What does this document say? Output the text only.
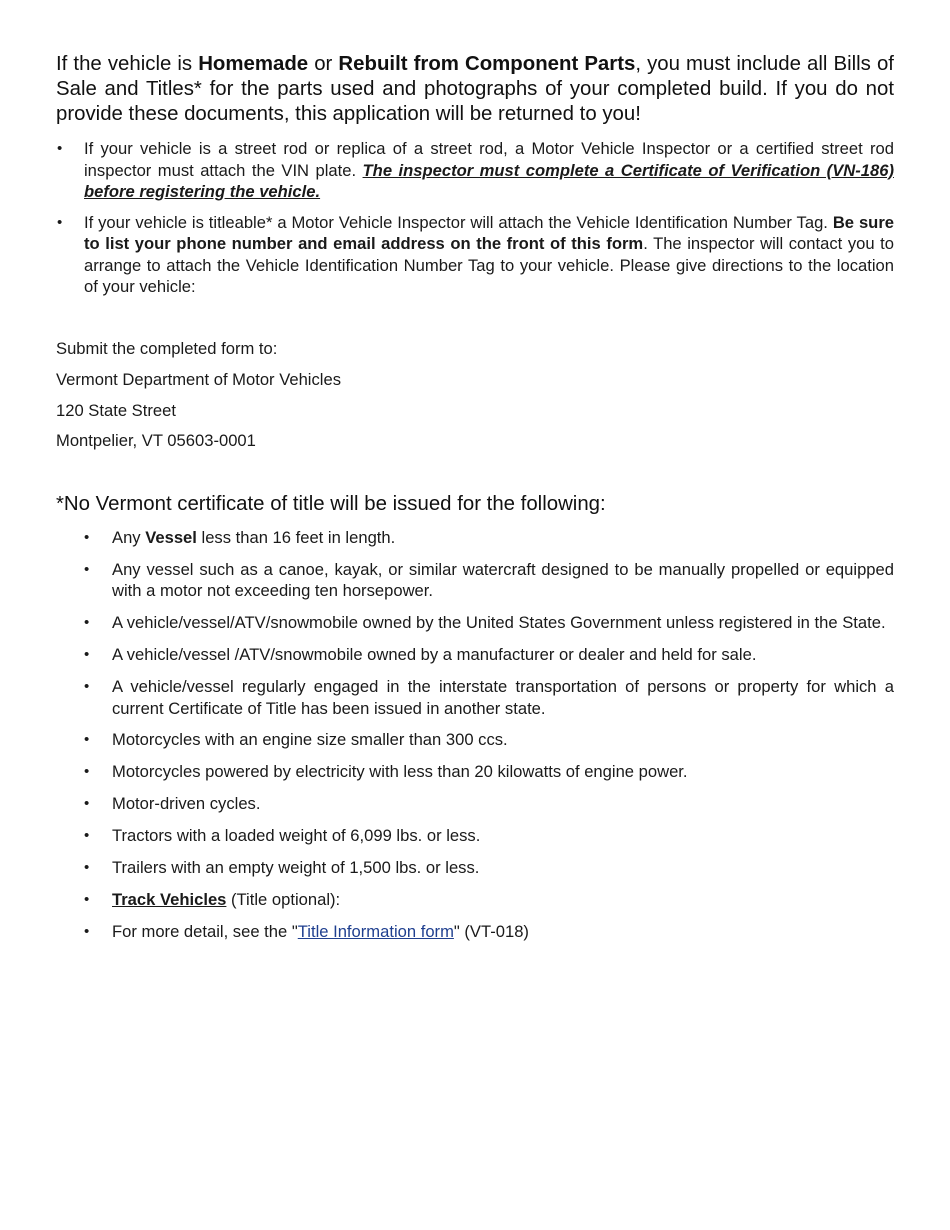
If the vehicle is Homemade or Rebuilt from Component Parts, you must include all Bills of Sale and Titles* for the parts used and photographs of your completed build. If you do not provide these documents, this application will be returned to you!

• If your vehicle is a street rod or replica of a street rod, a Motor Vehicle Inspector or a certified street rod inspector must attach the VIN plate. The inspector must complete a Certificate of Verification (VN-186) before registering the vehicle.
• If your vehicle is titleable* a Motor Vehicle Inspector will attach the Vehicle Identification Number Tag. Be sure to list your phone number and email address on the front of this form. The inspector will contact you to arrange to attach the Vehicle Identification Number Tag to your vehicle. Please give directions to the location of your vehicle:
Submit the completed form to:
Vermont Department of Motor Vehicles
120 State Street
Montpelier, VT 05603-0001
*No Vermont certificate of title will be issued for the following:
• Any Vessel less than 16 feet in length.
• Any vessel such as a canoe, kayak, or similar watercraft designed to be manually propelled or equipped with a motor not exceeding ten horsepower.
• A vehicle/vessel/ATV/snowmobile owned by the United States Government unless registered in the State.
• A vehicle/vessel /ATV/snowmobile owned by a manufacturer or dealer and held for sale.
• A vehicle/vessel regularly engaged in the interstate transportation of persons or property for which a current Certificate of Title has been issued in another state.
• Motorcycles with an engine size smaller than 300 ccs.
• Motorcycles powered by electricity with less than 20 kilowatts of engine power.
• Motor-driven cycles.
• Tractors with a loaded weight of 6,099 lbs. or less.
• Trailers with an empty weight of 1,500 lbs. or less.
• Track Vehicles (Title optional):
• For more detail, see the "Title Information form" (VT-018)
